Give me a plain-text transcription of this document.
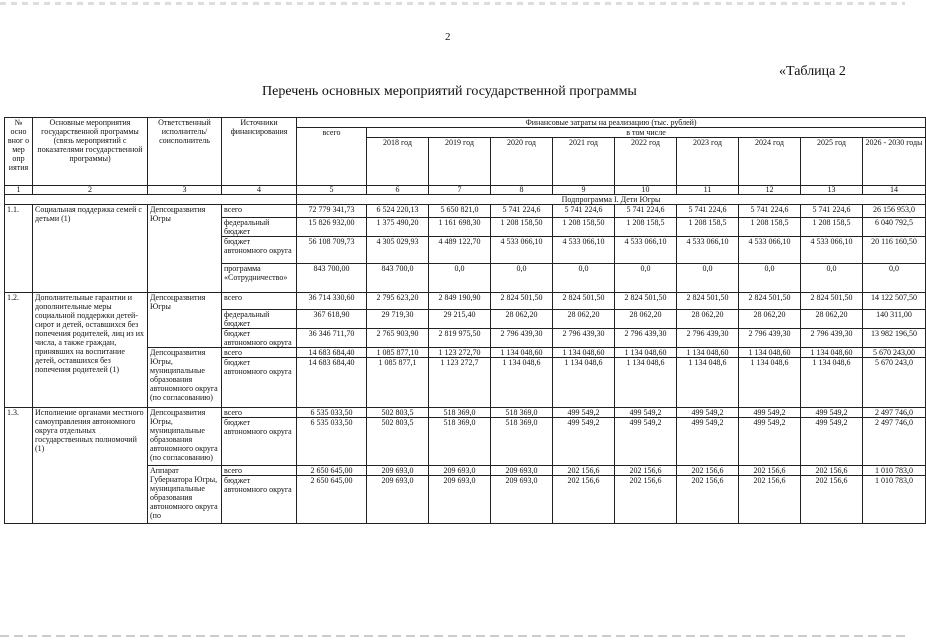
2
«Таблица 2
Перечень основных мероприятий государственной программы
№ осно вног о мер опр иятия	Основные мероприятия государственной программы (связь мероприятий с показателями государственной программы)	Ответственный исполнитель/ соисполнитель	Источники финансирования	Финансовые затраты на реализацию (тыс. рублей)									
				всего	в том числе								
					2018 год	2019 год	2020 год	2021 год	2022 год	2023 год	2024 год	2025 год	2026 - 2030 годы
1	2	3	4	5	6	7	8	9	10	11	12	13	14
				Подпрограмма I. Дети Югры									
1.1.	Социальная поддержка семей с детьми (1)	Депсоцразвития Югры	всего	72 779 341,73	6 524 220,13	5 650 821,0	5 741 224,6	5 741 224,6	5 741 224,6	5 741 224,6	5 741 224,6	5 741 224,6	26 156 953,0
			федеральный бюджет	15 826 932,00	1 375 490,20	1 161 698,30	1 208 158,50	1 208 158,50	1 208 158,5	1 208 158,5	1 208 158,5	1 208 158,5	6 040 792,5
			бюджет автономного округа	56 108 709,73	4 305 029,93	4 489 122,70	4 533 066,10	4 533 066,10	4 533 066,10	4 533 066,10	4 533 066,10	4 533 066,10	20 116 160,50
			программа «Сотрудничество»	843 700,00	843 700,0	0,0	0,0	0,0	0,0	0,0	0,0	0,0	0,0
1.2.	Дополнительные гарантии и дополнительные меры социальной поддержки детей-сирот и детей, оставшихся без попечения родителей, лиц из их числа, а также граждан, принявших на воспитание детей, оставшихся без попечения родителей (1)	Депсоцразвития Югры	всего	36 714 330,60	2 795 623,20	2 849 190,90	2 824 501,50	2 824 501,50	2 824 501,50	2 824 501,50	2 824 501,50	2 824 501,50	14 122 507,50
			федеральный бюджет	367 618,90	29 719,30	29 215,40	28 062,20	28 062,20	28 062,20	28 062,20	28 062,20	28 062,20	140 311,00
			бюджет автономного округа	36 346 711,70	2 765 903,90	2 819 975,50	2 796 439,30	2 796 439,30	2 796 439,30	2 796 439,30	2 796 439,30	2 796 439,30	13 982 196,50
		Депсоцразвития Югры, муниципальные образования автономного округа (по согласованию)	всего	14 683 684,40	1 085 877,10	1 123 272,70	1 134 048,60	1 134 048,60	1 134 048,60	1 134 048,60	1 134 048,60	1 134 048,60	5 670 243,00
			бюджет автономного округа	14 683 684,40	1 085 877,1	1 123 272,7	1 134 048,6	1 134 048,6	1 134 048,6	1 134 048,6	1 134 048,6	1 134 048,6	5 670 243,0
1.3.	Исполнение органами местного самоуправления автономного округа отдельных государственных полномочий (1)	Депсоцразвития Югры, муниципальные образования автономного округа (по согласованию)	всего	6 535 033,50	502 803,5	518 369,0	518 369,0	499 549,2	499 549,2	499 549,2	499 549,2	499 549,2	2 497 746,0
			бюджет автономного округа	6 535 033,50	502 803,5	518 369,0	518 369,0	499 549,2	499 549,2	499 549,2	499 549,2	499 549,2	2 497 746,0
		Аппарат Губернатора Югры, муниципальные образования автономного округа (по	всего	2 650 645,00	209 693,0	209 693,0	209 693,0	202 156,6	202 156,6	202 156,6	202 156,6	202 156,6	1 010 783,0
			бюджет автономного округа	2 650 645,00	209 693,0	209 693,0	209 693,0	202 156,6	202 156,6	202 156,6	202 156,6	202 156,6	1 010 783,0
